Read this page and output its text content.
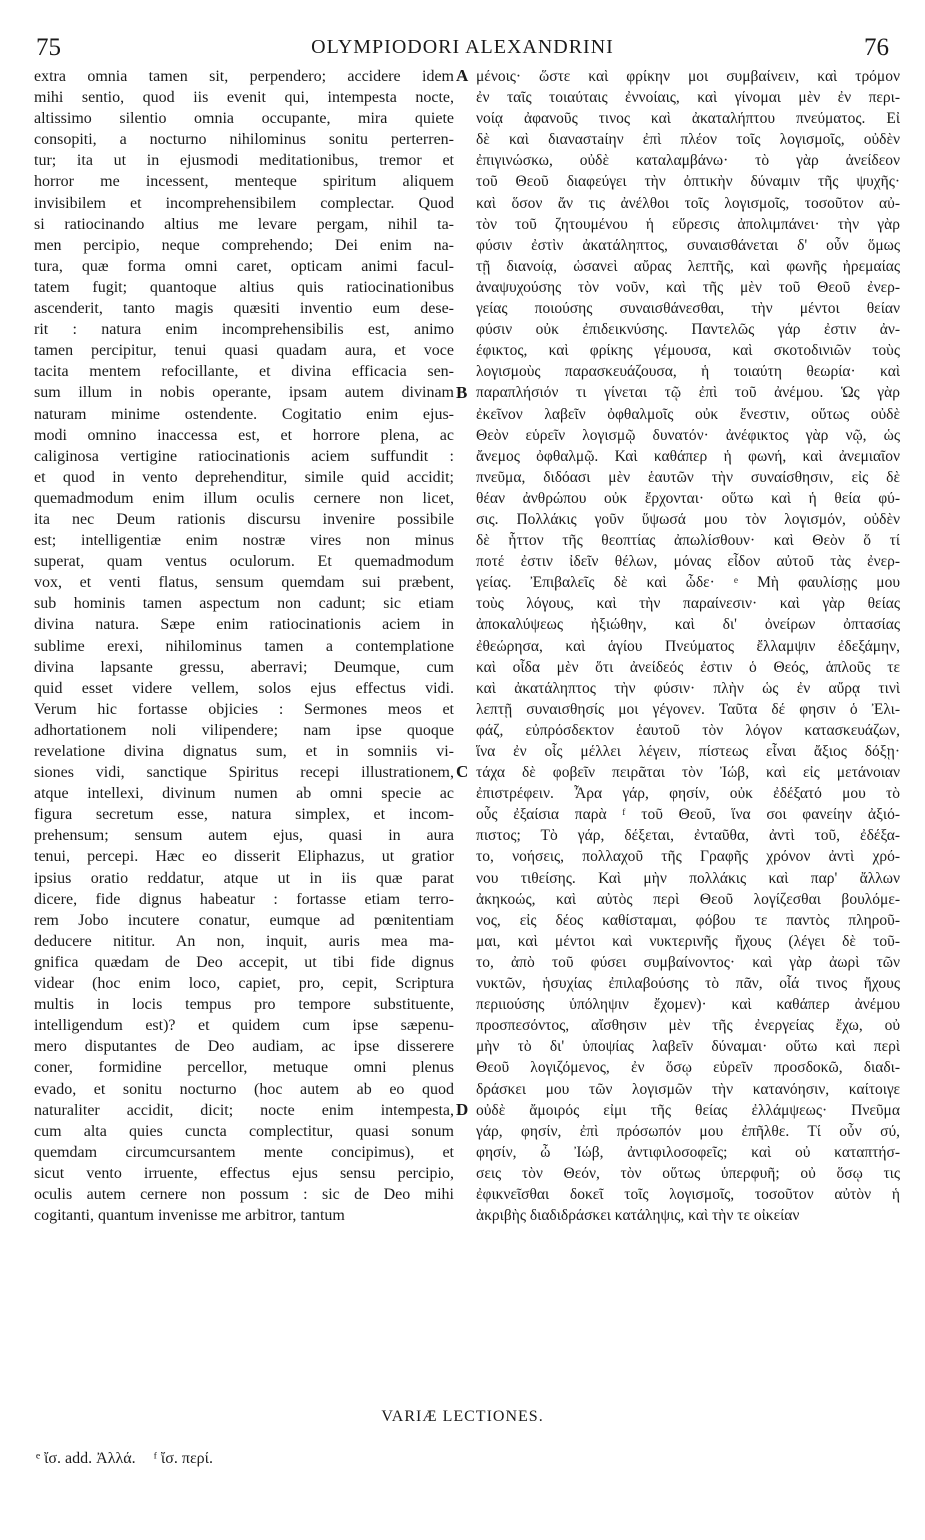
75	OLYMPIODORI ALEXANDRINI	76
extra omnia tamen sit, perpendero; accidere idem
mihi sentio, quod iis evenit qui, intempesta nocte,
altissimo silentio omnia occupante, mira quiete
consopiti, a nocturno nihilominus sonitu perterren-
tur; ita ut in ejusmodi meditationibus, tremor et
horror me incessent, menteque spiritum aliquem
invisibilem et incomprehensibilem complectar. Quod
si ratiocinando altius me levare pergam, nihil ta-
men percipio, neque comprehendo; Dei enim na-
tura, quæ forma omni caret, opticam animi facul-
tatem fugit; quantoque altius quis ratiocinationibus
ascenderit, tanto magis quæsiti inventio eum dese-
rit : natura enim incomprehensibilis est, animo
tamen percipitur, tenui quasi quadam aura, et voce
tacita mentem refocillante, et divina efficacia sen-
sum illum in nobis operante, ipsam autem divinam
naturam minime ostendente. Cogitatio enim ejus-
modi omnino inaccessa est, et horrore plena, ac
caliginosa vertigine ratiocinationis aciem suffundit :
et quod in vento deprehenditur, simile quid accidit;
quemadmodum enim illum oculis cernere non licet,
ita nec Deum rationis discursu invenire possibile
est; intelligentiæ enim nostræ vires non minus
superat, quam ventus oculorum. Et quemadmodum
vox, et venti flatus, sensum quemdam sui præbent,
sub hominis tamen aspectum non cadunt; sic etiam
divina natura. Sæpe enim ratiocinationis aciem in
sublime erexi, nihilominus tamen a contemplatione
divina lapsante gressu, aberravi; Deumque, cum
quid esset videre vellem, solos ejus effectus vidi.
Verum hic fortasse objicies : Sermones meos et
adhortationem noli vilipendere; nam ipse quoque
revelatione divina dignatus sum, et in somniis vi-
siones vidi, sanctique Spiritus recepi illustrationem,
atque intellexi, divinum numen ab omni specie ac
figura secretum esse, natura simplex, et incom-
prehensum; sensum autem ejus, quasi in aura
tenui, percepi. Hæc eo disserit Eliphazus, ut gratior
ipsius oratio reddatur, atque ut in iis quæ parat
dicere, fide dignus habeatur : fortasse etiam terro-
rem Jobo incutere conatur, eumque ad pœnitentiam
deducere nititur. An non, inquit, auris mea ma-
gnifica quædam de Deo accepit, ut tibi fide dignus
videar (hoc enim loco, capiet, pro, cepit, Scriptura
multis in locis tempus pro tempore substituente,
intelligendum est)? et quidem cum ipse sæpenu-
mero disputantes de Deo audiam, ac ipse disserere
coner, formidine percellor, metuque omni plenus
evado, et sonitu nocturno (hoc autem ab eo quod
naturaliter accidit, dicit; nocte enim intempesta,
cum alta quies cuncta complectitur, quasi sonum
quemdam circumcursantem mente concipimus), et
sicut vento irruente, effectus ejus sensu percipio,
oculis autem cernere non possum : sic de Deo mihi
cogitanti, quantum invenisse me arbitror, tantum
μένοις· ὥστε καὶ φρίκην μοι συμβαίνειν, καὶ τρόμον
ἐν ταῖς τοιαύταις ἐννοίαις, καὶ γίνομαι μὲν ἐν περι-
νοίᾳ ἀφανοῦς τινος καὶ ἀκαταλήπτου πνεύματος. Εἰ
δὲ καὶ διαναστaίην ἐπὶ πλέον τοῖς λογισμοῖς, οὐδὲν
ἐπιγινώσκω, οὐδὲ καταλαμβάνω· τὸ γὰρ ἀνείδεον
τοῦ Θεοῦ διαφεύγει τὴν ὀπτικὴν δύναμιν τῆς ψυχῆς·
καὶ ὅσον ἄν τις ἀνέλθοι τοῖς λογισμοῖς, τοσοῦτον αὐ-
τὸν τοῦ ζητουμένου ἡ εὕρεσις ἀπολιμπάνει· τὴν γὰρ
φύσιν ἐστὶν ἀκατάληπτος, συναισθάνεται δ' οὖν ὅμως
τῇ διανοίᾳ, ὡσανεὶ αὔρας λεπτῆς, καὶ φωνῆς ἠρεμαίας
ἀναψυχούσης τὸν νοῦν, καὶ τῆς μὲν τοῦ Θεοῦ ἐνερ-
γείας ποιούσης συναισθάνεσθαι, τὴν μέντοι θείαν
φύσιν οὐκ ἐπιδεικνύσης. Παντελῶς γάρ ἐστιν ἀν-
έφικτος, καὶ φρίκης γέμουσα, καὶ σκοτοδινιῶν τοὺς
λογισμοὺς παρασκευάζουσα, ἡ τοιαύτη θεωρία· καὶ
παραπλήσιόν τι γίνεται τῷ ἐπὶ τοῦ ἀνέμου. Ὡς γὰρ
ἐκεῖνον λαβεῖν ὀφθαλμοῖς οὐκ ἔνεστιν, οὕτως οὐδὲ
Θεὸν εὑρεῖν λογισμῷ δυνατόν· ἀνέφικτος γὰρ νῷ, ὡς
ἄνεμος ὀφθαλμῷ. Καὶ καθάπερ ἡ φωνή, καὶ ἀνεμιαῖον
πνεῦμα, διδόασι μὲν ἑαυτῶν τὴν συναίσθησιν, εἰς δὲ
θέαν ἀνθρώπου οὐκ ἔρχονται· οὕτω καὶ ἡ θεία φύ-
σις. Πολλάκις γοῦν ὕψωσά μου τὸν λογισμόν, οὐδὲν
δὲ ἧττον τῆς θεοπτίας ἀπωλίσθουν· καὶ Θεὸν ὅ τί
ποτέ ἐστιν ἰδεῖν θέλων, μόνας εἶδον αὐτοῦ τὰς ἐνερ-
γείας. Ἐπιβαλεῖς δὲ καὶ ὧδε· ᵉ Μὴ φαυλίσῃς μου
τοὺς λόγους, καὶ τὴν παραίνεσιν· καὶ γὰρ θείας
ἀποκαλύψεως ἠξιώθην, καὶ δι' ὀνείρων ὀπτασίας
ἐθεώρησα, καὶ ἁγίου Πνεύματος ἔλλαμψιν ἐδεξάμην,
καὶ οἶδα μὲν ὅτι ἀνείδεός ἐστιν ὁ Θεός, ἁπλοῦς τε
καὶ ἀκατάληπτος τὴν φύσιν· πλὴν ὡς ἐν αὔρᾳ τινὶ
λεπτῇ συναισθησίς μοι γέγονεν. Ταῦτα δέ φησιν ὁ Ἐλι-
φάζ, εὐπρόσδεκτον ἑαυτοῦ τὸν λόγον κατασκευάζων,
ἵνα ἐν οἷς μέλλει λέγειν, πίστεως εἶναι ἄξιος δόξῃ·
τάχα δὲ φοβεῖν πειρᾶται τὸν Ἰώβ, καὶ εἰς μετάνοιαν
ἐπιστρέφειν. Ἆρα γάρ, φησίν, οὐκ ἐδέξατό μου τὸ
οὖς ἐξαίσια παρὰ ᶠ τοῦ Θεοῦ, ἵνα σοι φανείην ἀξιό-
πιστος; Τὸ γάρ, δέξεται, ἐνταῦθα, ἀντὶ τοῦ, ἐδέξα-
το, νοήσεις, πολλαχοῦ τῆς Γραφῆς χρόνον ἀντὶ χρό-
νου τιθείσης. Καὶ μὴν πολλάκις καὶ παρ' ἄλλων
ἀκηκοώς, καὶ αὐτὸς περὶ Θεοῦ λογίζεσθαι βουλόμε-
νος, εἰς δέος καθίσταμαι, φόβου τε παντὸς πληροῦ-
μαι, καὶ μέντοι καὶ νυκτερινῆς ἤχους (λέγει δὲ τοῦ-
το, ἀπὸ τοῦ φύσει συμβαίνοντος· καὶ γὰρ ἀωρὶ τῶν
νυκτῶν, ἡσυχίας ἐπιλαβούσης τὸ πᾶν, οἷά τινος ἤχους
περιιούσης ὑπόληψιν ἔχομεν)· καὶ καθάπερ ἀνέμου
προσπεσόντος, αἴσθησιν μὲν τῆς ἐνεργείας ἔχω, οὐ
μὴν τὸ δι' ὑποψίας λαβεῖν δύναμαι· οὕτω καὶ περὶ
Θεοῦ λογιζόμενος, ἐν ὅσῳ εὑρεῖν προσδοκῶ, διαδι-
δράσκει μου τῶν λογισμῶν τὴν κατανόησιν, καίτοιγε
οὐδὲ ἄμοιρός εἰμι τῆς θείας ἐλλάμψεως· Πνεῦμα
γάρ, φησίν, ἐπὶ πρόσωπόν μου ἐπῆλθε. Τί οὖν σύ,
φησίν, ὦ Ἰώβ, ἀντιφιλοσοφεῖς; καὶ οὐ καταπτήσ-
σεις τὸν Θεόν, τὸν οὕτως ὑπερφυῆ; οὐ ὅσῳ τις
ἐφικνεῖσθαι δοκεῖ τοῖς λογισμοῖς, τοσοῦτον αὐτὸν ἡ
ἀκριβὴς διαδιδράσκει κατάληψις, καὶ τὴν τε οἰκείαν
A
B
C
D
VARIÆ LECTIONES.
ᵉ ἴσ. add. Ἀλλά. ᶠ ἴσ. περί.
